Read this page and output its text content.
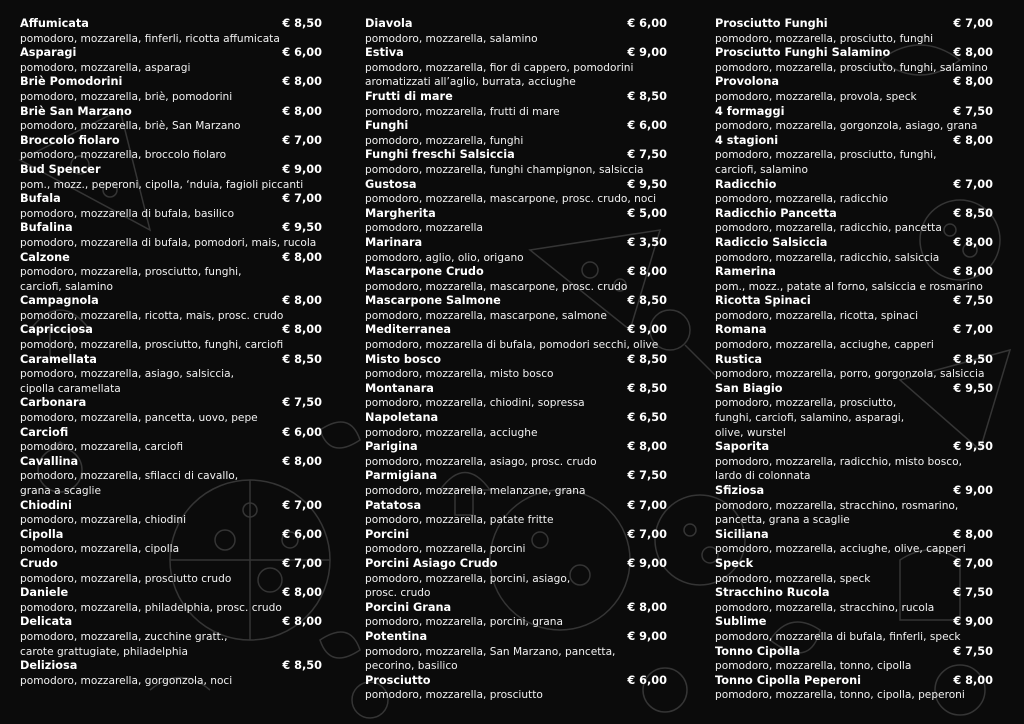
Affumicata	€ 8,50
pomodoro, mozzarella, finferli, ricotta affumicata
Asparagi	€ 6,00
pomodoro, mozzarella, asparagi
Briè Pomodorini	€ 8,00
pomodoro, mozzarella, briè, pomodorini
Briè San Marzano	€ 8,00
pomodoro, mozzarella, briè, San Marzano
Broccolo fiolaro	€ 7,00
pomodoro, mozzarella, broccolo fiolaro
Bud Spencer	€ 9,00
pom., mozz., peperoni, cipolla, ‘nduia, fagioli piccanti
Bufala	€ 7,00
pomodoro, mozzarella di bufala, basilico
Bufalina	€ 9,50
pomodoro, mozzarella di bufala, pomodori, mais, rucola
Calzone	€ 8,00
pomodoro, mozzarella, prosciutto, funghi,
carciofi, salamino
Campagnola	€ 8,00
pomodoro, mozzarella, ricotta, mais, prosc. crudo
Capricciosa	€ 8,00
pomodoro, mozzarella, prosciutto, funghi, carciofi
Caramellata	€ 8,50
pomodoro, mozzarella, asiago, salsiccia,
cipolla caramellata
Carbonara	€ 7,50
pomodoro, mozzarella, pancetta, uovo, pepe
Carciofi	€ 6,00
pomodoro, mozzarella, carciofi
Cavallina	€ 8,00
pomodoro, mozzarella, sfilacci di cavallo,
grana a scaglie
Chiodini	€ 7,00
pomodoro, mozzarella, chiodini
Cipolla	€ 6,00
pomodoro, mozzarella, cipolla
Crudo	€ 7,00
pomodoro, mozzarella, prosciutto crudo
Daniele	€ 8,00
pomodoro, mozzarella, philadelphia, prosc. crudo
Delicata	€ 8,00
pomodoro, mozzarella, zucchine gratt.,
carote grattugiate, philadelphia
Deliziosa	€ 8,50
pomodoro, mozzarella, gorgonzola, noci
Diavola	€ 6,00
pomodoro, mozzarella, salamino
Estiva	€ 9,00
pomodoro, mozzarella, fior di cappero, pomodorini
aromatizzati all’aglio, burrata, acciughe
Frutti di mare	€ 8,50
pomodoro, mozzarella, frutti di mare
Funghi	€ 6,00
pomodoro, mozzarella, funghi
Funghi freschi Salsiccia	€ 7,50
pomodoro, mozzarella, funghi champignon, salsiccia
Gustosa	€ 9,50
pomodoro, mozzarella, mascarpone, prosc. crudo, noci
Margherita	€ 5,00
pomodoro, mozzarella
Marinara	€ 3,50
pomodoro, aglio, olio, origano
Mascarpone Crudo	€ 8,00
pomodoro, mozzarella, mascarpone, prosc. crudo
Mascarpone Salmone	€ 8,50
pomodoro, mozzarella, mascarpone, salmone
Mediterranea	€ 9,00
pomodoro, mozzarella di bufala, pomodori secchi, olive
Misto bosco	€ 8,50
pomodoro, mozzarella, misto bosco
Montanara	€ 8,50
pomodoro, mozzarella, chiodini, sopressa
Napoletana	€ 6,50
pomodoro, mozzarella, acciughe
Parigina	€ 8,00
pomodoro, mozzarella, asiago, prosc. crudo
Parmigiana	€ 7,50
pomodoro, mozzarella, melanzane, grana
Patatosa	€ 7,00
pomodoro, mozzarella, patate fritte
Porcini	€ 7,00
pomodoro, mozzarella, porcini
Porcini Asiago Crudo	€ 9,00
pomodoro, mozzarella, porcini, asiago,
prosc. crudo
Porcini Grana	€ 8,00
pomodoro, mozzarella, porcini, grana
Potentina	€ 9,00
pomodoro, mozzarella, San Marzano, pancetta,
pecorino, basilico
Prosciutto	€ 6,00
pomodoro, mozzarella, prosciutto
Prosciutto Funghi	€ 7,00
pomodoro, mozzarella, prosciutto, funghi
Prosciutto Funghi Salamino	€ 8,00
pomodoro, mozzarella, prosciutto, funghi, salamino
Provolona	€ 8,00
pomodoro, mozzarella, provola, speck
4 formaggi	€ 7,50
pomodoro, mozzarella, gorgonzola, asiago, grana
4 stagioni	€ 8,00
pomodoro, mozzarella, prosciutto, funghi,
carciofi, salamino
Radicchio	€ 7,00
pomodoro, mozzarella, radicchio
Radicchio Pancetta	€ 8,50
pomodoro, mozzarella, radicchio, pancetta
Radiccio Salsiccia	€ 8,00
pomodoro, mozzarella, radicchio, salsiccia
Ramerina	€ 8,00
pom., mozz., patate al forno, salsiccia e rosmarino
Ricotta Spinaci	€ 7,50
pomodoro, mozzarella, ricotta, spinaci
Romana	€ 7,00
pomodoro, mozzarella, acciughe, capperi
Rustica	€ 8,50
pomodoro, mozzarella, porro, gorgonzola, salsiccia
San Biagio	€ 9,50
pomodoro, mozzarella, prosciutto,
funghi, carciofi, salamino, asparagi,
olive, wurstel
Saporita	€ 9,50
pomodoro, mozzarella, radicchio, misto bosco,
lardo di colonnata
Sfiziosa	€ 9,00
pomodoro, mozzarella, stracchino, rosmarino,
pancetta, grana a scaglie
Siciliana	€ 8,00
pomodoro, mozzarella, acciughe, olive, capperi
Speck	€ 7,00
pomodoro, mozzarella, speck
Stracchino Rucola	€ 7,50
pomodoro, mozzarella, stracchino, rucola
Sublime	€ 9,00
pomodoro, mozzarella di bufala, finferli, speck
Tonno Cipolla	€ 7,50
pomodoro, mozzarella, tonno, cipolla
Tonno Cipolla Peperoni	€ 8,00
pomodoro, mozzarella, tonno, cipolla, peperoni
